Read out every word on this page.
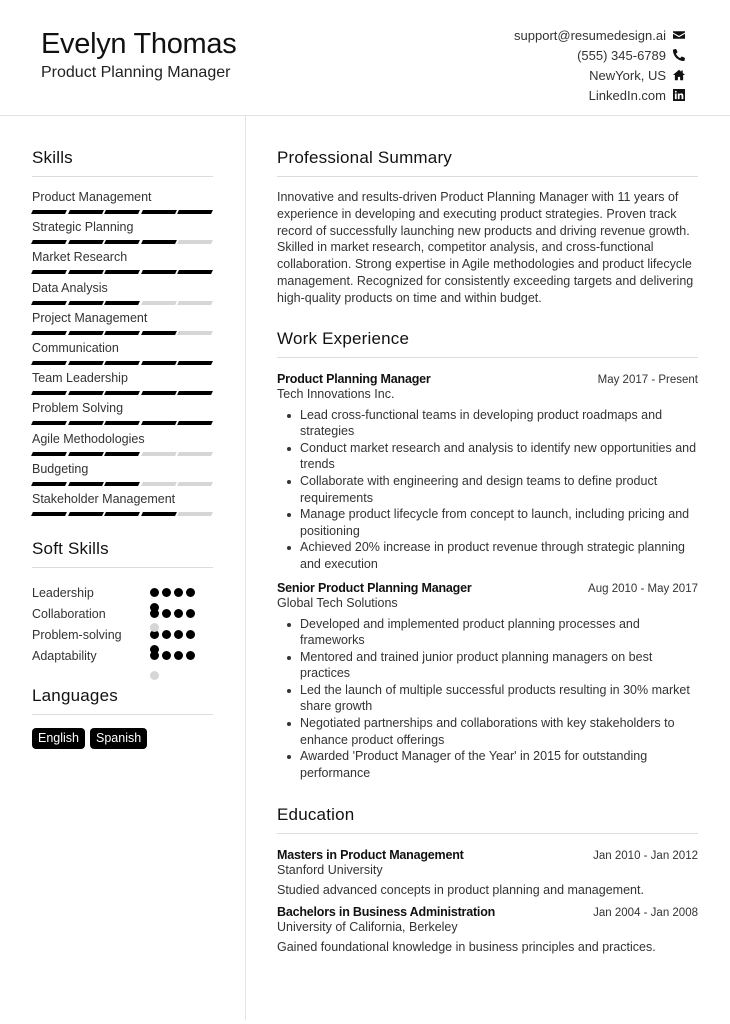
Evelyn Thomas
Product Planning Manager
support@resumedesign.ai
(555) 345-6789
NewYork, US
LinkedIn.com
Skills
Product Management
Strategic Planning
Market Research
Data Analysis
Project Management
Communication
Team Leadership
Problem Solving
Agile Methodologies
Budgeting
Stakeholder Management
Soft Skills
Leadership
Collaboration
Problem-solving
Adaptability
Languages
English	Spanish
Professional Summary

Innovative and results-driven Product Planning Manager with 11 years of experience in developing and executing product strategies. Proven track record of successfully launching new products and driving revenue growth. Skilled in market research, competitor analysis, and cross-functional collaboration. Strong expertise in Agile methodologies and product lifecycle management. Recognized for consistently exceeding targets and delivering high-quality products on time and within budget.

Work Experience
Product Planning Manager	May 2017 - Present
Tech Innovations Inc.
Lead cross-functional teams in developing product roadmaps and strategies
Conduct market research and analysis to identify new opportunities and trends
Collaborate with engineering and design teams to define product requirements
Manage product lifecycle from concept to launch, including pricing and positioning
Achieved 20% increase in product revenue through strategic planning and execution
Senior Product Planning Manager	Aug 2010 - May 2017
Global Tech Solutions
Developed and implemented product planning processes and frameworks
Mentored and trained junior product planning managers on best practices
Led the launch of multiple successful products resulting in 30% market share growth
Negotiated partnerships and collaborations with key stakeholders to enhance product offerings
Awarded 'Product Manager of the Year' in 2015 for outstanding performance
Education
Masters in Product Management	Jan 2010 - Jan 2012
Stanford University
Studied advanced concepts in product planning and management.
Bachelors in Business Administration	Jan 2004 - Jan 2008
University of California, Berkeley
Gained foundational knowledge in business principles and practices.
